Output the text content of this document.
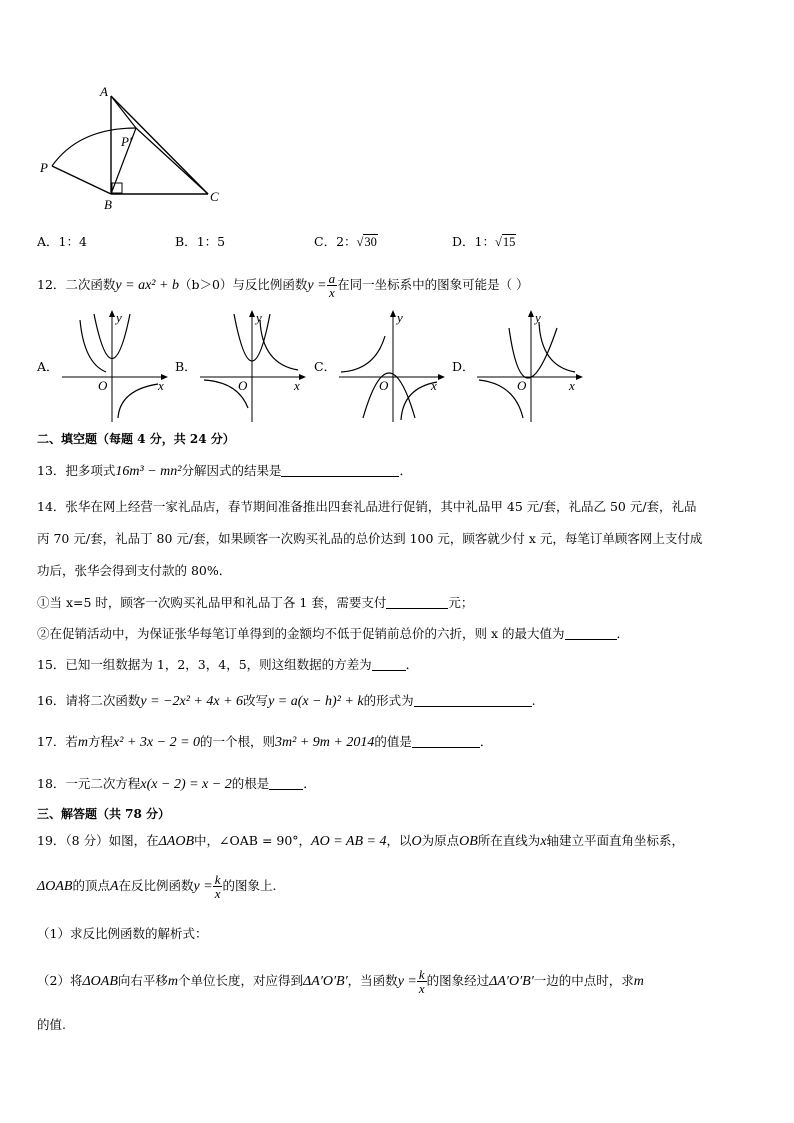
A
P′
P
B
C
A．1：4	B．1：5	C．2：√30	D．1：√15
12．二次函数y = ax² + b（b＞0）与反比例函数$y = \frac{a}{x}$ 在同一坐标系中的图象可能是（ ）
A．
y
O	x
B．
y
O	x
C．
y
O	x
D．
y
O	x
二、填空题（每题 4 分，共 24 分）
13．把多项式16m³ − mn²分解因式的结果是	．
14．张华在网上经营一家礼品店，春节期间准备推出四套礼品进行促销，其中礼品甲 45 元/套，礼品乙 50 元/套，礼品
丙 70 元/套，礼品丁 80 元/套，如果顾客一次购买礼品的总价达到 100 元，顾客就少付 x 元，每笔订单顾客网上支付成
功后，张华会得到支付款的 80%．
①当 x=5 时，顾客一次购买礼品甲和礼品丁各 1 套，需要支付	元；
②在促销活动中，为保证张华每笔订单得到的金额均不低于促销前总价的六折，则 x 的最大值为	．
15．已知一组数据为 1，2，3，4，5，则这组数据的方差为	．
16．请将二次函数y = −2x² + 4x + 6改写y = a(x − h)² + k的形式为	.
17．若m方程x² + 3x − 2 = 0的一个根，则3m² + 9m + 2014的值是	．
18．一元二次方程x(x − 2) = x − 2的根是	．
三、解答题（共 78 分）
19．（8 分）如图，在ΔAOB中，∠OAB = 90°，AO = AB = 4，以O为原点OB所在直线为x轴建立平面直角坐标系，
ΔOAB的顶点A在反比例函数$y = \frac{k}{x}$ 的图象上.
（1）求反比例函数的解析式：
（2）将ΔOAB向右平移m个单位长度，对应得到ΔA′O′B′，当函数$y = \frac{k}{x}$ 的图象经过ΔA′O′B′一边的中点时，求m
的值.
